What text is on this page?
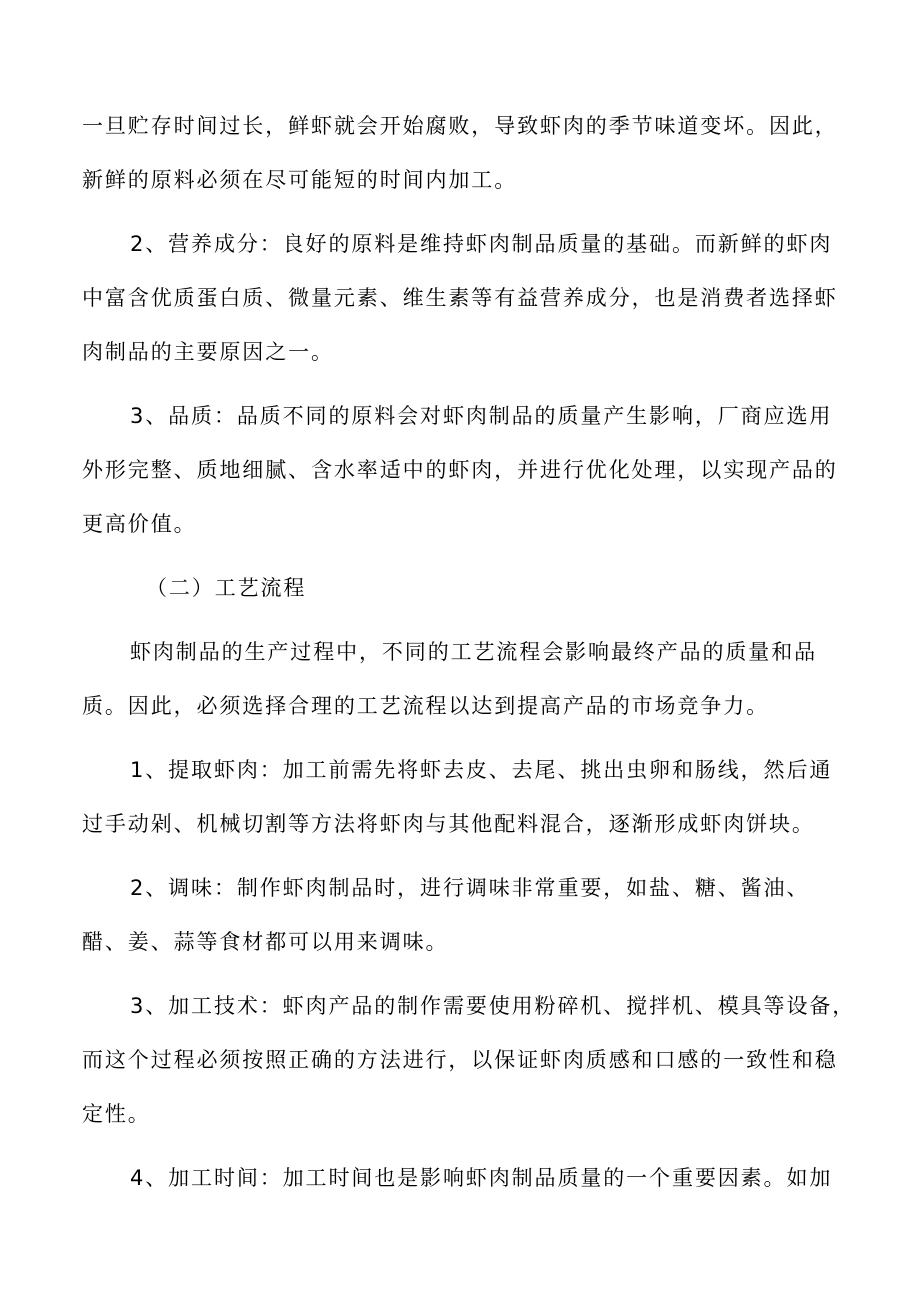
一旦贮存时间过长，鲜虾就会开始腐败，导致虾肉的季节味道变坏。因此，
新鲜的原料必须在尽可能短的时间内加工。
2、营养成分：良好的原料是维持虾肉制品质量的基础。而新鲜的虾肉
中富含优质蛋白质、微量元素、维生素等有益营养成分，也是消费者选择虾
肉制品的主要原因之一。
3、品质：品质不同的原料会对虾肉制品的质量产生影响，厂商应选用
外形完整、质地细腻、含水率适中的虾肉，并进行优化处理，以实现产品的
更高价值。
（二）工艺流程
虾肉制品的生产过程中，不同的工艺流程会影响最终产品的质量和品
质。因此，必须选择合理的工艺流程以达到提高产品的市场竞争力。
1、提取虾肉：加工前需先将虾去皮、去尾、挑出虫卵和肠线，然后通
过手动剁、机械切割等方法将虾肉与其他配料混合，逐渐形成虾肉饼块。
2、调味：制作虾肉制品时，进行调味非常重要，如盐、糖、酱油、
醋、姜、蒜等食材都可以用来调味。
3、加工技术：虾肉产品的制作需要使用粉碎机、搅拌机、模具等设备，
而这个过程必须按照正确的方法进行，以保证虾肉质感和口感的一致性和稳
定性。
4、加工时间：加工时间也是影响虾肉制品质量的一个重要因素。如加
